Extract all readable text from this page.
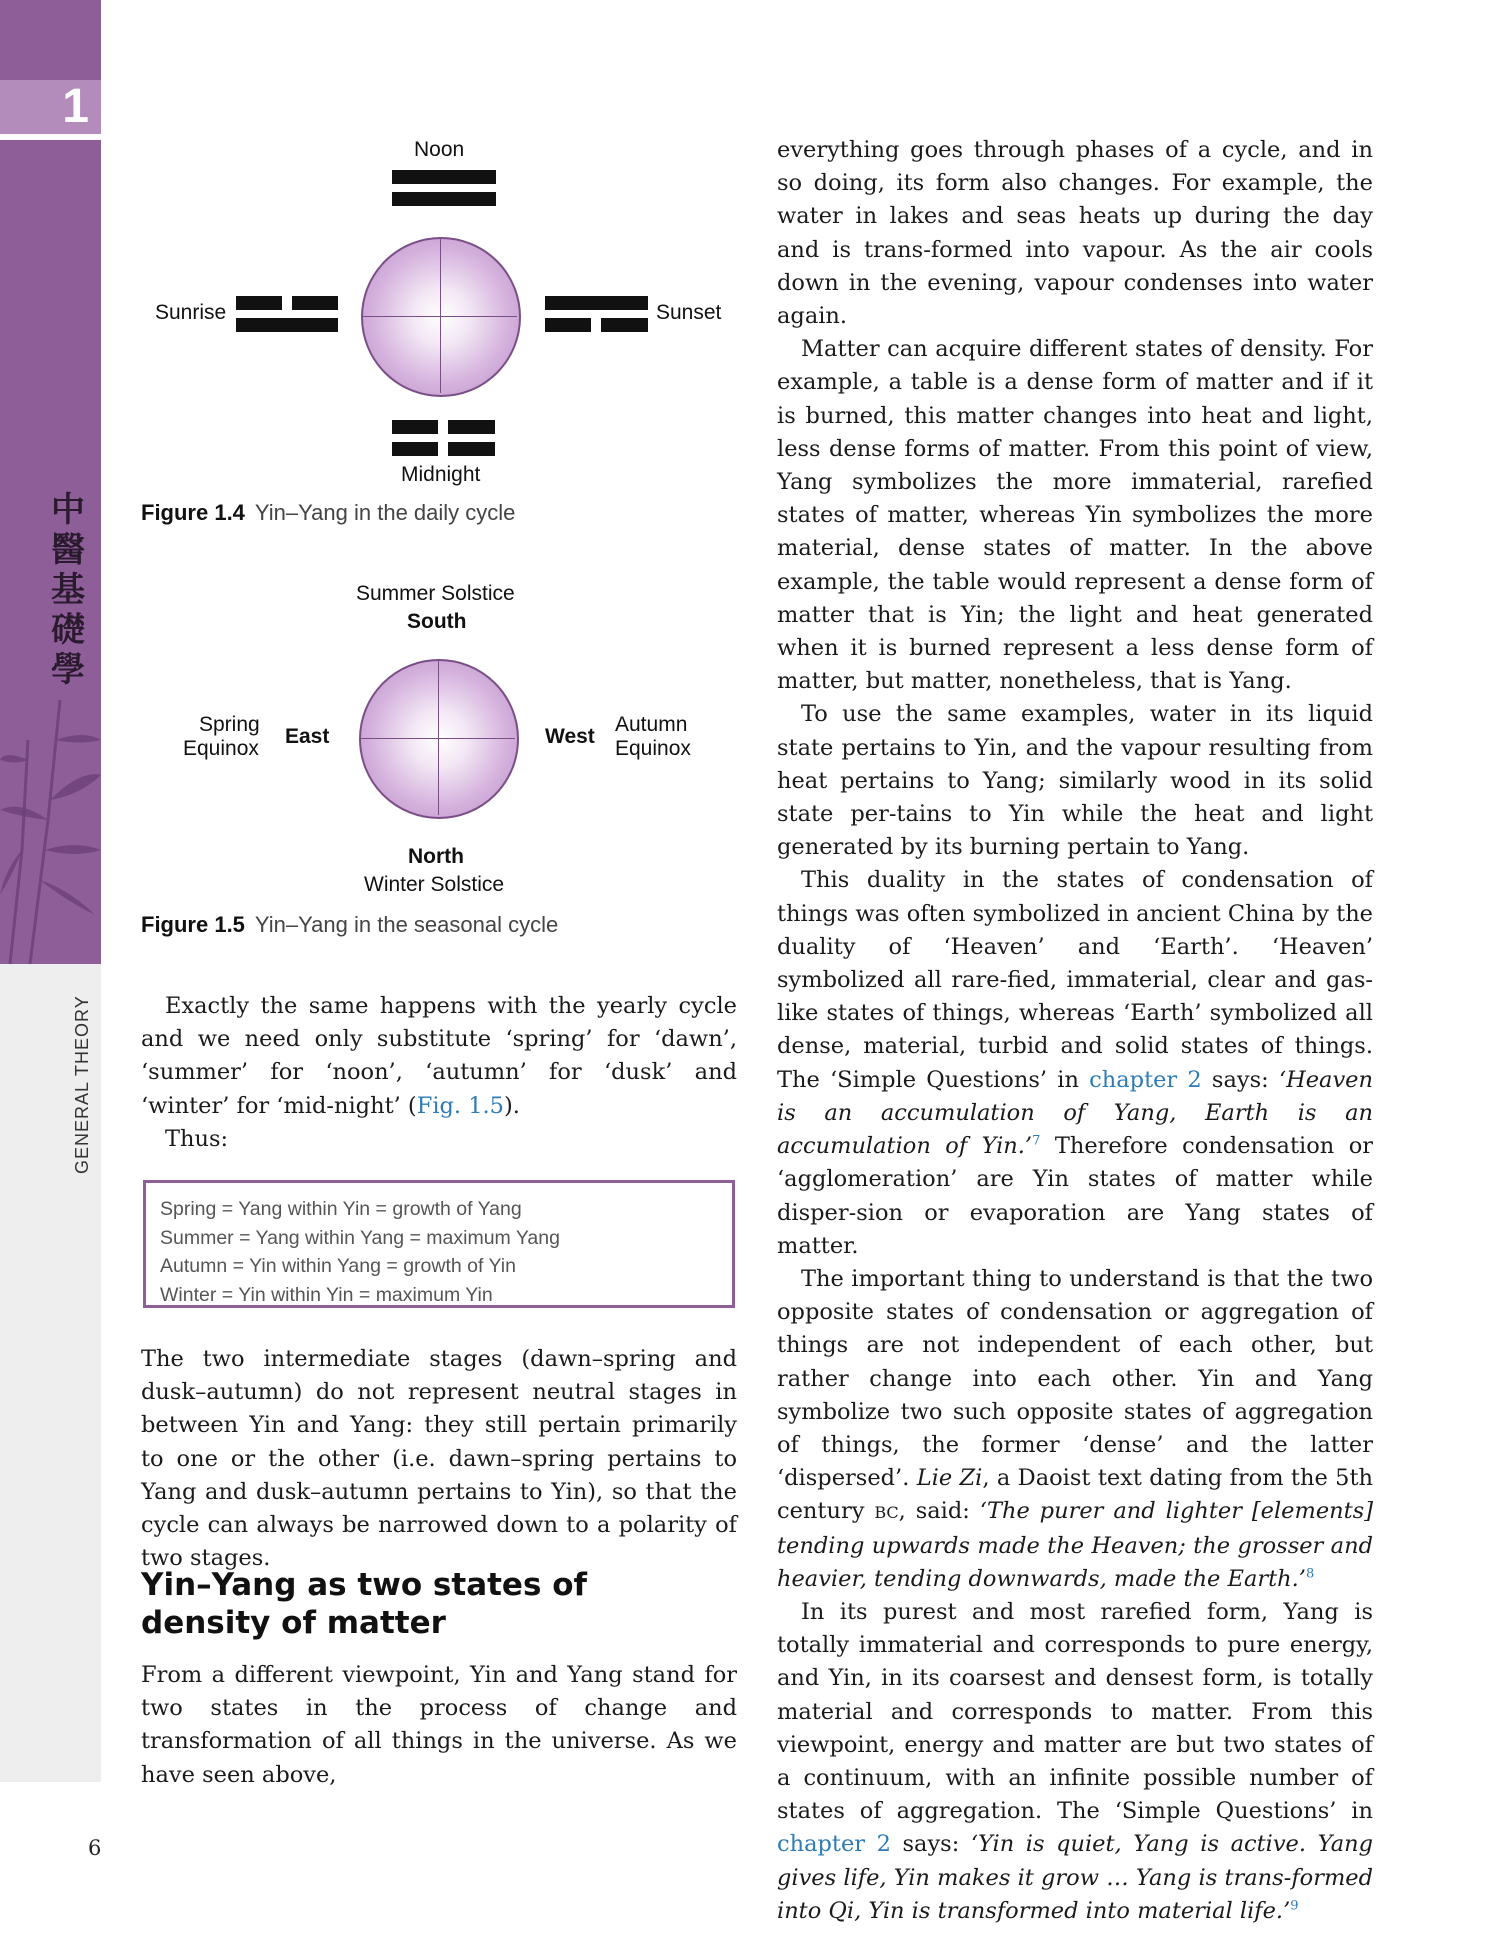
1
中醫基礎學
GENERAL THEORY
Noon
Sunrise	Sunset
Midnight
Figure 1.4 Yin–Yang in the daily cycle
Summer Solstice
South
Spring
Equinox
East	West
Autumn
Equinox
North
Winter Solstice
Figure 1.5 Yin–Yang in the seasonal cycle

Exactly the same happens with the yearly cycle and we need only substitute ‘spring’ for ‘dawn’, ‘summer’ for ‘noon’, ‘autumn’ for ‘dusk’ and ‘winter’ for ‘mid-night’ (Fig. 1.5).

Thus:

Spring = Yang within Yin = growth of Yang
Summer = Yang within Yang = maximum Yang
Autumn = Yin within Yang = growth of Yin
Winter = Yin within Yin = maximum Yin

The two intermediate stages (dawn–spring and dusk–autumn) do not represent neutral stages in between Yin and Yang: they still pertain primarily to one or the other (i.e. dawn–spring pertains to Yang and dusk–autumn pertains to Yin), so that the cycle can always be narrowed down to a polarity of two stages.

Yin–Yang as two states of
density of matter

From a different viewpoint, Yin and Yang stand for two states in the process of change and transformation of all things in the universe. As we have seen above,

everything goes through phases of a cycle, and in so doing, its form also changes. For example, the water in lakes and seas heats up during the day and is trans-formed into vapour. As the air cools down in the evening, vapour condenses into water again.

Matter can acquire different states of density. For example, a table is a dense form of matter and if it is burned, this matter changes into heat and light, less dense forms of matter. From this point of view, Yang symbolizes the more immaterial, rarefied states of matter, whereas Yin symbolizes the more material, dense states of matter. In the above example, the table would represent a dense form of matter that is Yin; the light and heat generated when it is burned represent a less dense form of matter, but matter, nonetheless, that is Yang.

To use the same examples, water in its liquid state pertains to Yin, and the vapour resulting from heat pertains to Yang; similarly wood in its solid state per-tains to Yin while the heat and light generated by its burning pertain to Yang.

This duality in the states of condensation of things was often symbolized in ancient China by the duality of ‘Heaven’ and ‘Earth’. ‘Heaven’ symbolized all rare-fied, immaterial, clear and gas-like states of things, whereas ‘Earth’ symbolized all dense, material, turbid and solid states of things. The ‘Simple Questions’ in chapter 2 says: ‘Heaven is an accumulation of Yang, Earth is an accumulation of Yin.’$^7$ Therefore condensation or ‘agglomeration’ are Yin states of matter while disper-sion or evaporation are Yang states of matter.

The important thing to understand is that the two opposite states of condensation or aggregation of things are not independent of each other, but rather change into each other. Yin and Yang symbolize two such opposite states of aggregation of things, the former ‘dense’ and the latter ‘dispersed’. Lie Zi, a Daoist text dating from the 5th century BC, said: ‘The purer and lighter [elements] tending upwards made the Heaven; the grosser and heavier, tending downwards, made the Earth.’$^8$

In its purest and most rarefied form, Yang is totally immaterial and corresponds to pure energy, and Yin, in its coarsest and densest form, is totally material and corresponds to matter. From this viewpoint, energy and matter are but two states of a continuum, with an infinite possible number of states of aggregation. The ‘Simple Questions’ in chapter 2 says: ‘Yin is quiet, Yang is active. Yang gives life, Yin makes it grow … Yang is trans-formed into Qi, Yin is transformed into material life.’$^9$

6
